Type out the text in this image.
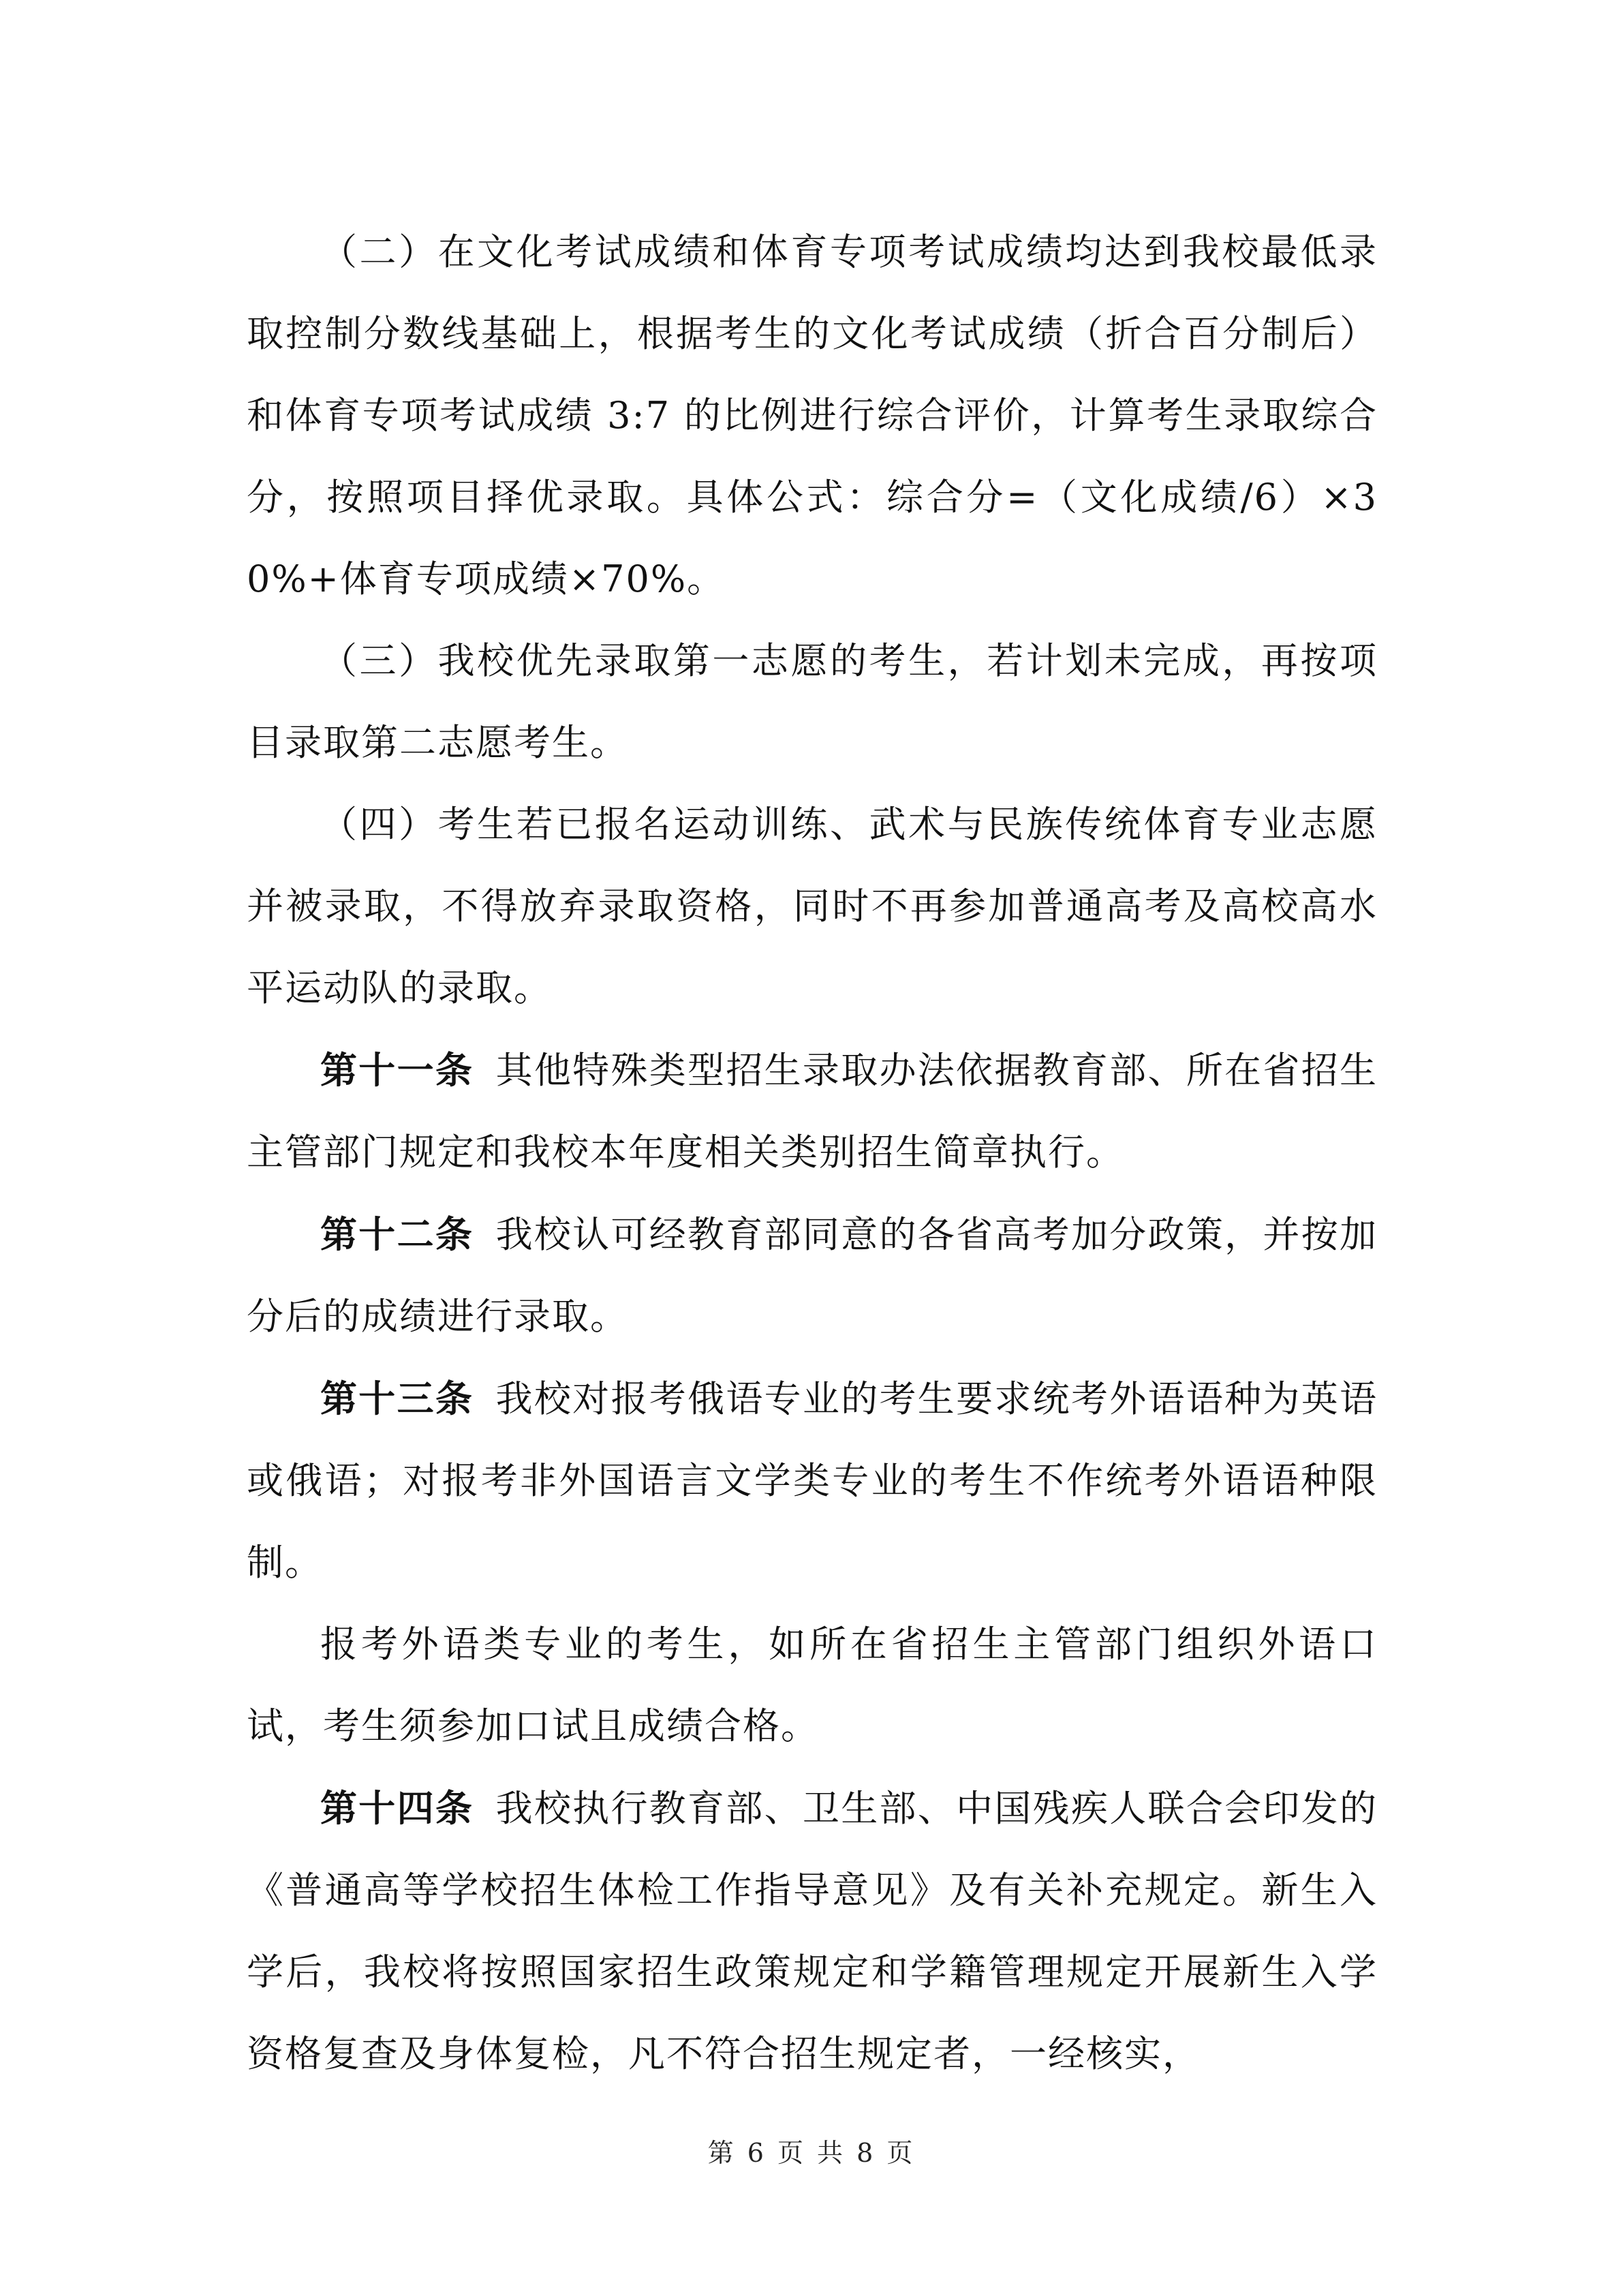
（二）在文化考试成绩和体育专项考试成绩均达到我校最低录取控制分数线基础上，根据考生的文化考试成绩（折合百分制后）和体育专项考试成绩 3:7 的比例进行综合评价，计算考生录取综合分，按照项目择优录取。具体公式：综合分=（文化成绩/6）×30%+体育专项成绩×70%。

（三）我校优先录取第一志愿的考生，若计划未完成，再按项目录取第二志愿考生。

（四）考生若已报名运动训练、武术与民族传统体育专业志愿并被录取，不得放弃录取资格，同时不再参加普通高考及高校高水平运动队的录取。

第十一条 其他特殊类型招生录取办法依据教育部、所在省招生主管部门规定和我校本年度相关类别招生简章执行。

第十二条 我校认可经教育部同意的各省高考加分政策，并按加分后的成绩进行录取。

第十三条 我校对报考俄语专业的考生要求统考外语语种为英语或俄语；对报考非外国语言文学类专业的考生不作统考外语语种限制。

报考外语类专业的考生，如所在省招生主管部门组织外语口试，考生须参加口试且成绩合格。

第十四条 我校执行教育部、卫生部、中国残疾人联合会印发的《普通高等学校招生体检工作指导意见》及有关补充规定。新生入学后，我校将按照国家招生政策规定和学籍管理规定开展新生入学资格复查及身体复检，凡不符合招生规定者，一经核实，

第 6 页 共 8 页
